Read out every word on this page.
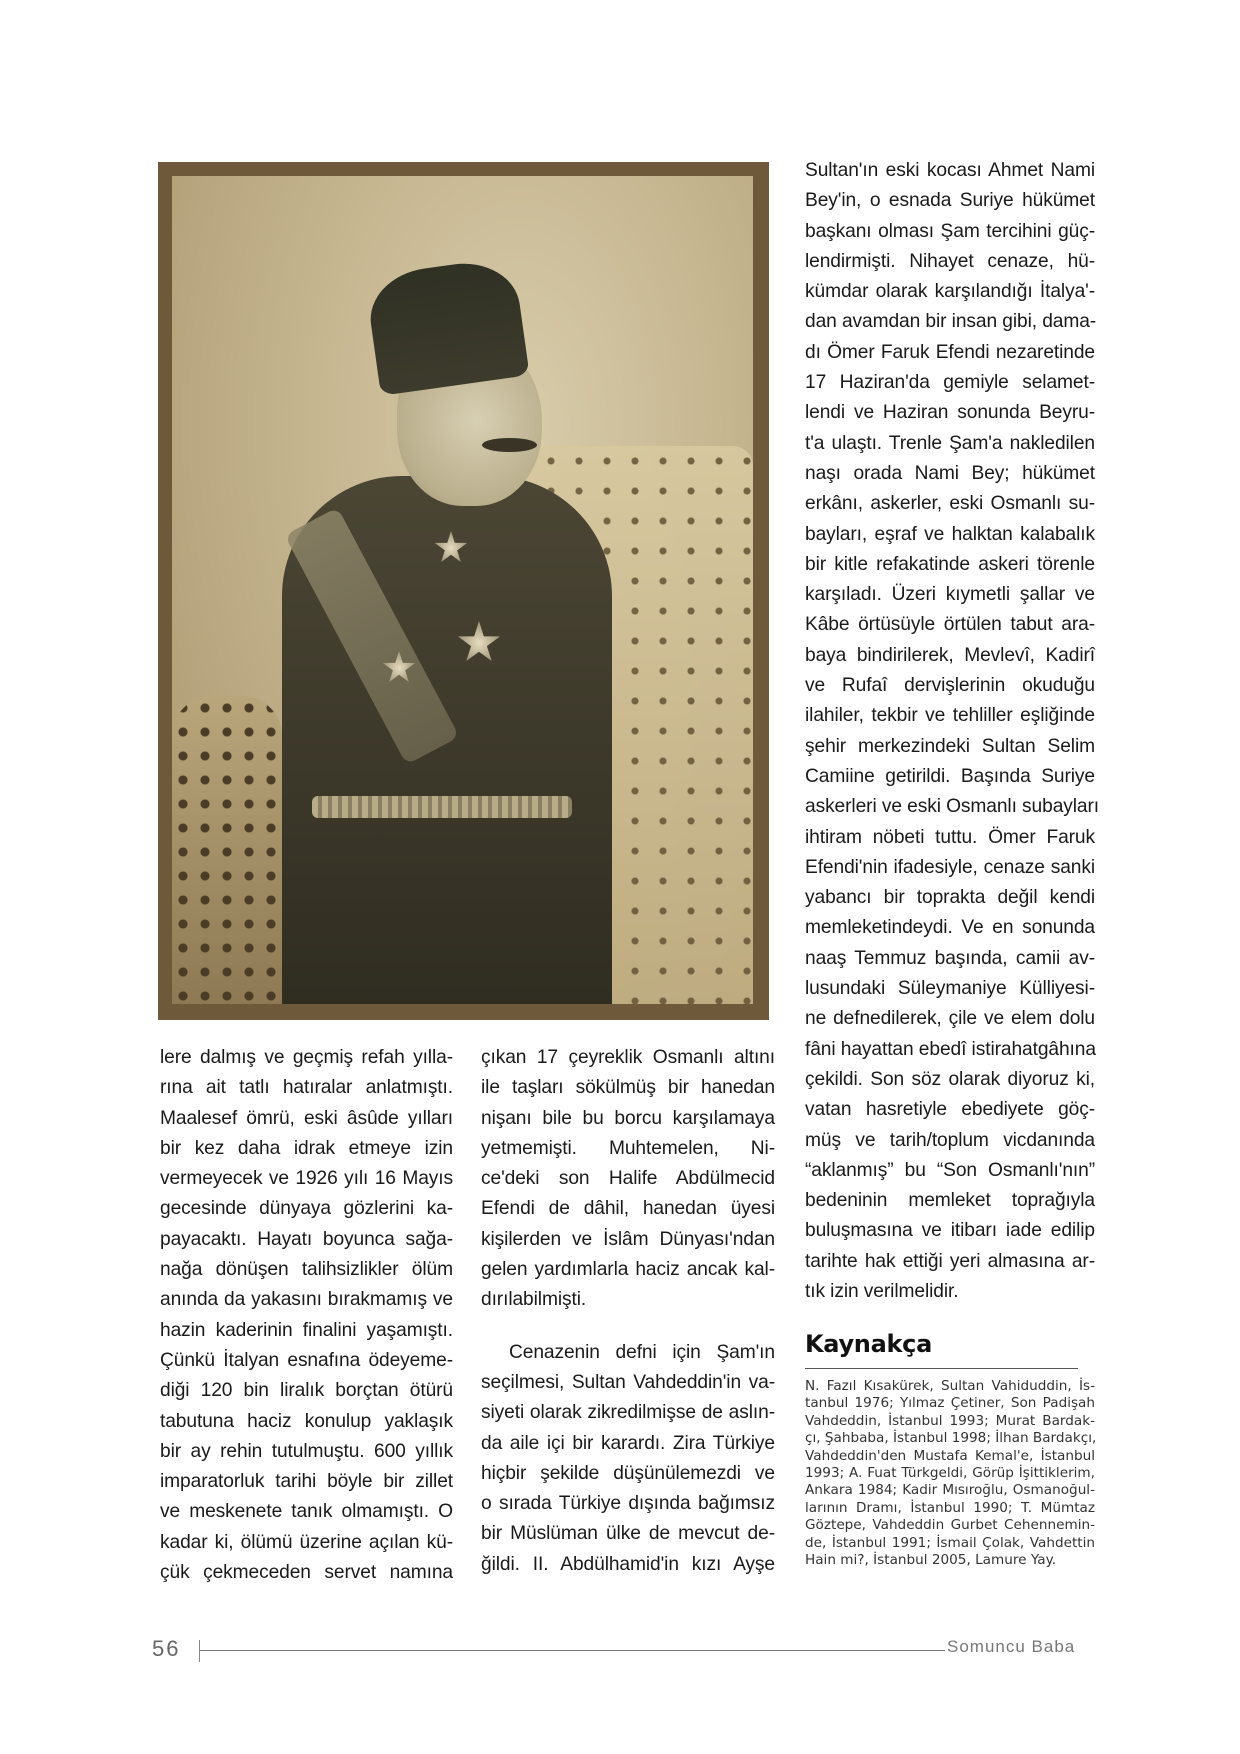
lere dalmış ve geçmiş refah yılla-
rına ait tatlı hatıralar anlatmıştı.
Maalesef ömrü, eski âsûde yılları
bir kez daha idrak etmeye izin
vermeyecek ve 1926 yılı 16 Mayıs
gecesinde dünyaya gözlerini ka-
payacaktı. Hayatı boyunca sağa-
nağa dönüşen talihsizlikler ölüm
anında da yakasını bırakmamış ve
hazin kaderinin finalini yaşamıştı.
Çünkü İtalyan esnafına ödeyeme-
diği 120 bin liralık borçtan ötürü
tabutuna haciz konulup yaklaşık
bir ay rehin tutulmuştu. 600 yıllık
imparatorluk tarihi böyle bir zillet
ve meskenete tanık olmamıştı. O
kadar ki, ölümü üzerine açılan kü-
çük çekmeceden servet namına
çıkan 17 çeyreklik Osmanlı altını
ile taşları sökülmüş bir hanedan
nişanı bile bu borcu karşılamaya
yetmemişti. Muhtemelen, Ni-
ce'deki son Halife Abdülmecid
Efendi de dâhil, hanedan üyesi
kişilerden ve İslâm Dünyası'ndan
gelen yardımlarla haciz ancak kal-
dırılabilmişti.
Cenazenin defni için Şam'ın
seçilmesi, Sultan Vahdeddin'in va-
siyeti olarak zikredilmişse de aslın-
da aile içi bir karardı. Zira Türkiye
hiçbir şekilde düşünülemezdi ve
o sırada Türkiye dışında bağımsız
bir Müslüman ülke de mevcut de-
ğildi. II. Abdülhamid'in kızı Ayşe
Sultan'ın eski kocası Ahmet Nami
Bey'in, o esnada Suriye hükümet
başkanı olması Şam tercihini güç-
lendirmişti. Nihayet cenaze, hü-
kümdar olarak karşılandığı İtalya'-
dan avamdan bir insan gibi, dama-
dı Ömer Faruk Efendi nezaretinde
17 Haziran'da gemiyle selamet-
lendi ve Haziran sonunda Beyru-
t'a ulaştı. Trenle Şam'a nakledilen
naşı orada Nami Bey; hükümet
erkânı, askerler, eski Osmanlı su-
bayları, eşraf ve halktan kalabalık
bir kitle refakatinde askeri törenle
karşıladı. Üzeri kıymetli şallar ve
Kâbe örtüsüyle örtülen tabut ara-
baya bindirilerek, Mevlevî, Kadirî
ve Rufaî dervişlerinin okuduğu
ilahiler, tekbir ve tehliller eşliğinde
şehir merkezindeki Sultan Selim
Camiine getirildi. Başında Suriye
askerleri ve eski Osmanlı subayları
ihtiram nöbeti tuttu. Ömer Faruk
Efendi'nin ifadesiyle, cenaze sanki
yabancı bir toprakta değil kendi
memleketindeydi. Ve en sonunda
naaş Temmuz başında, camii av-
lusundaki Süleymaniye Külliyesi-
ne defnedilerek, çile ve elem dolu
fâni hayattan ebedî istirahatgâhına
çekildi. Son söz olarak diyoruz ki,
vatan hasretiyle ebediyete göç-
müş ve tarih/toplum vicdanında
“aklanmış” bu “Son Osmanlı'nın”
bedeninin memleket toprağıyla
buluşmasına ve itibarı iade edilip
tarihte hak ettiği yeri almasına ar-
tık izin verilmelidir.
Kaynakça
N. Fazıl Kısakürek, Sultan Vahiduddin, İs-
tanbul 1976; Yılmaz Çetiner, Son Padişah
Vahdeddin, İstanbul 1993; Murat Bardak-
çı, Şahbaba, İstanbul 1998; İlhan Bardakçı,
Vahdeddin'den Mustafa Kemal'e, İstanbul
1993; A. Fuat Türkgeldi, Görüp İşittiklerim,
Ankara 1984; Kadir Mısıroğlu, Osmanoğul-
larının Dramı, İstanbul 1990; T. Mümtaz
Göztepe, Vahdeddin Gurbet Cehennemin-
de, İstanbul 1991; İsmail Çolak, Vahdettin
Hain mi?, İstanbul 2005, Lamure Yay.
56	Somuncu Baba
